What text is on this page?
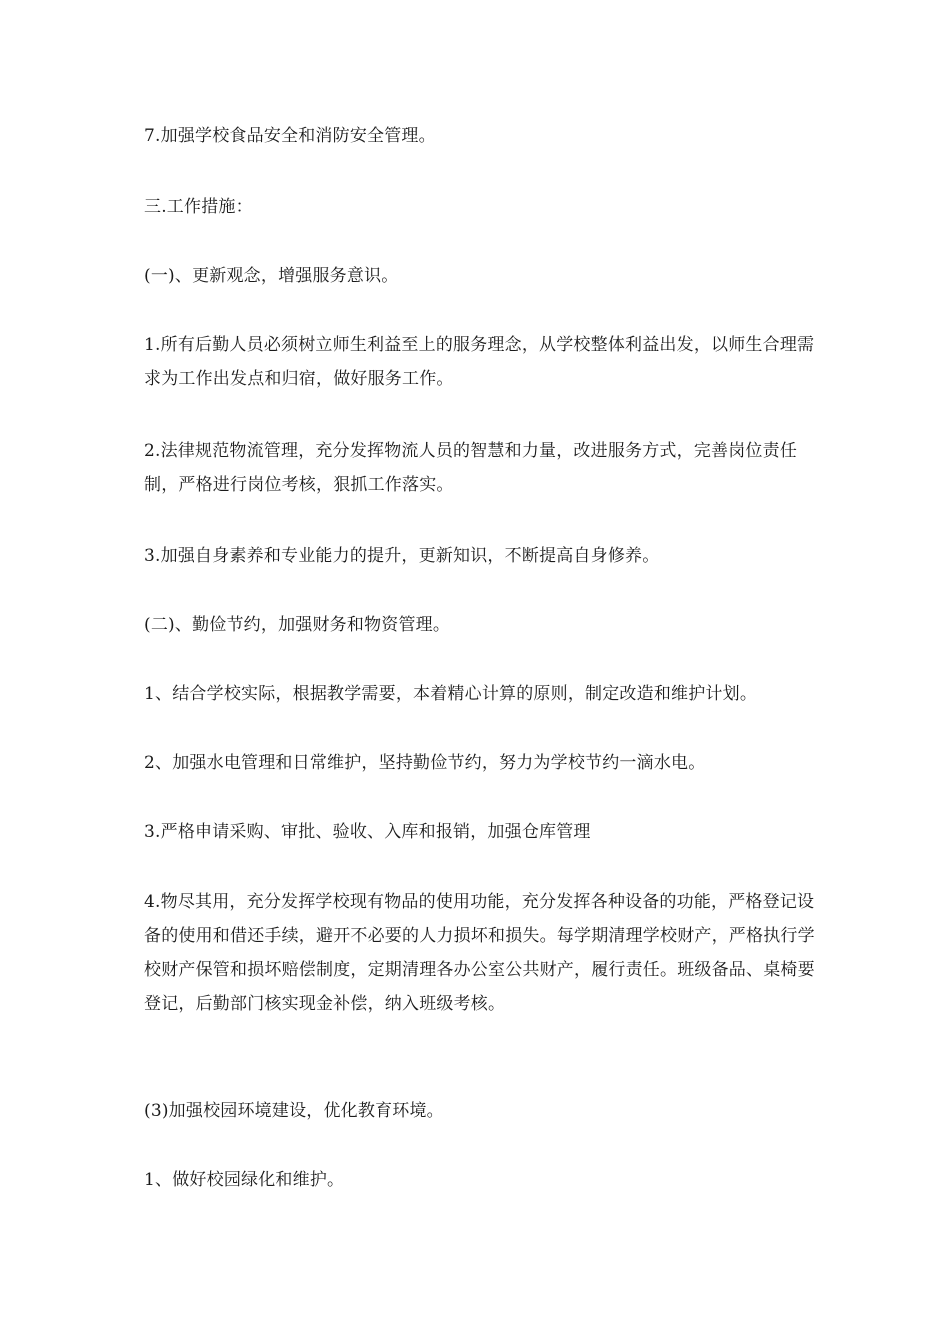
7.加强学校食品安全和消防安全管理。

三.工作措施：

(一)、更新观念，增强服务意识。

1.所有后勤人员必须树立师生利益至上的服务理念，从学校整体利益出发，以师生合理需求为工作出发点和归宿，做好服务工作。

2.法律规范物流管理，充分发挥物流人员的智慧和力量，改进服务方式，完善岗位责任制，严格进行岗位考核，狠抓工作落实。

3.加强自身素养和专业能力的提升，更新知识，不断提高自身修养。

(二)、勤俭节约，加强财务和物资管理。

1、结合学校实际，根据教学需要，本着精心计算的原则，制定改造和维护计划。

2、加强水电管理和日常维护，坚持勤俭节约，努力为学校节约一滴水电。

3.严格申请采购、审批、验收、入库和报销，加强仓库管理

4.物尽其用，充分发挥学校现有物品的使用功能，充分发挥各种设备的功能，严格登记设备的使用和借还手续，避开不必要的人力损坏和损失。每学期清理学校财产，严格执行学校财产保管和损坏赔偿制度，定期清理各办公室公共财产，履行责任。班级备品、桌椅要登记，后勤部门核实现金补偿，纳入班级考核。

(3)加强校园环境建设，优化教育环境。

1、做好校园绿化和维护。
